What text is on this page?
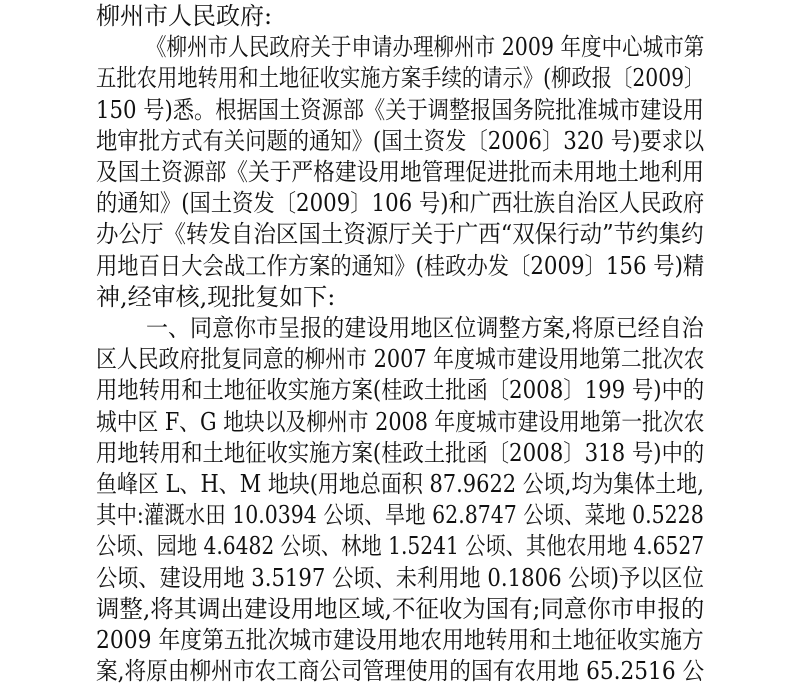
柳州市人民政府:
《柳州市人民政府关于申请办理柳州市 2009 年度中心城市第
五批农用地转用和土地征收实施方案手续的请示》(柳政报〔2009〕
150 号)悉。根据国土资源部《关于调整报国务院批准城市建设用
地审批方式有关问题的通知》(国土资发〔2006〕320 号)要求以
及国土资源部《关于严格建设用地管理促进批而未用地土地利用
的通知》(国土资发〔2009〕106 号)和广西壮族自治区人民政府
办公厅《转发自治区国土资源厅关于广西“双保行动”节约集约
用地百日大会战工作方案的通知》(桂政办发〔2009〕156 号)精
神,经审核,现批复如下:
一、同意你市呈报的建设用地区位调整方案,将原已经自治
区人民政府批复同意的柳州市 2007 年度城市建设用地第二批次农
用地转用和土地征收实施方案(桂政土批函〔2008〕199 号)中的
城中区 F、G 地块以及柳州市 2008 年度城市建设用地第一批次农
用地转用和土地征收实施方案(桂政土批函〔2008〕318 号)中的
鱼峰区 L、H、M 地块(用地总面积 87.9622 公顷,均为集体土地,
其中:灌溉水田 10.0394 公顷、旱地 62.8747 公顷、菜地 0.5228
公顷、园地 4.6482 公顷、林地 1.5241 公顷、其他农用地 4.6527
公顷、建设用地 3.5197 公顷、未利用地 0.1806 公顷)予以区位
调整,将其调出建设用地区域,不征收为国有;同意你市申报的
2009 年度第五批次城市建设用地农用地转用和土地征收实施方
案,将原由柳州市农工商公司管理使用的国有农用地 65.2516 公
